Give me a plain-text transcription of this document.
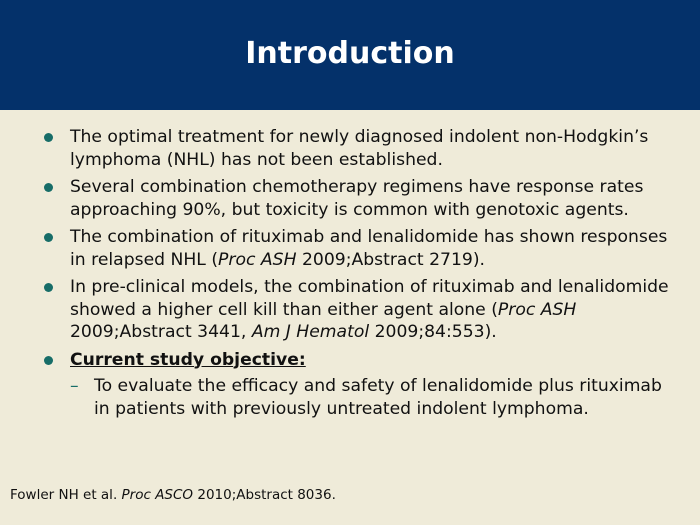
Introduction
The optimal treatment for newly diagnosed indolent non-Hodgkin’s lymphoma (NHL) has not been established.
Several combination chemotherapy regimens have response rates approaching 90%, but toxicity is common with genotoxic agents.
The combination of rituximab and lenalidomide has shown responses in relapsed NHL (Proc ASH 2009;Abstract 2719).
In pre-clinical models, the combination of rituximab and lenalidomide showed a higher cell kill than either agent alone (Proc ASH 2009;Abstract 3441, Am J Hematol 2009;84:553).
Current study objective:
– To evaluate the efficacy and safety of lenalidomide plus rituximab in patients with previously untreated indolent lymphoma.
Fowler NH et al. Proc ASCO 2010;Abstract 8036.
